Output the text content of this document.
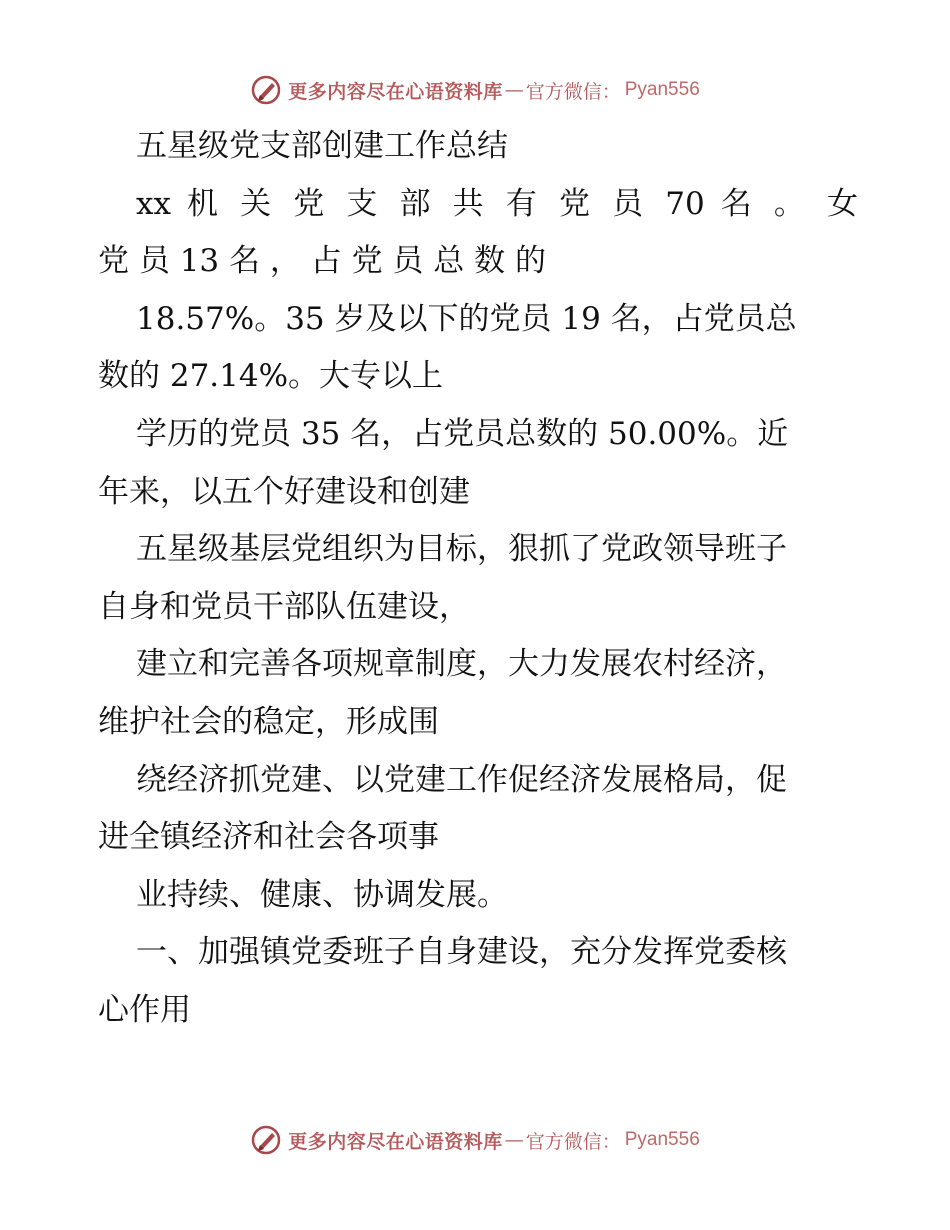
更多内容尽在心语资料库 — 官方微信： Pyan556
五星级党支部创建工作总结
xx 机 关 党 支 部 共 有 党 员 70 名 。 女
党 员 13 名 ， 占 党 员 总 数 的
18.57%。35 岁及以下的党员 19 名，占党员总
数的 27.14%。大专以上
学历的党员 35 名，占党员总数的 50.00%。近
年来，以五个好建设和创建
五星级基层党组织为目标，狠抓了党政领导班子
自身和党员干部队伍建设，
建立和完善各项规章制度，大力发展农村经济，
维护社会的稳定，形成围
绕经济抓党建、以党建工作促经济发展格局，促
进全镇经济和社会各项事
业持续、健康、协调发展。
一、加强镇党委班子自身建设，充分发挥党委核
心作用
更多内容尽在心语资料库 — 官方微信： Pyan556
